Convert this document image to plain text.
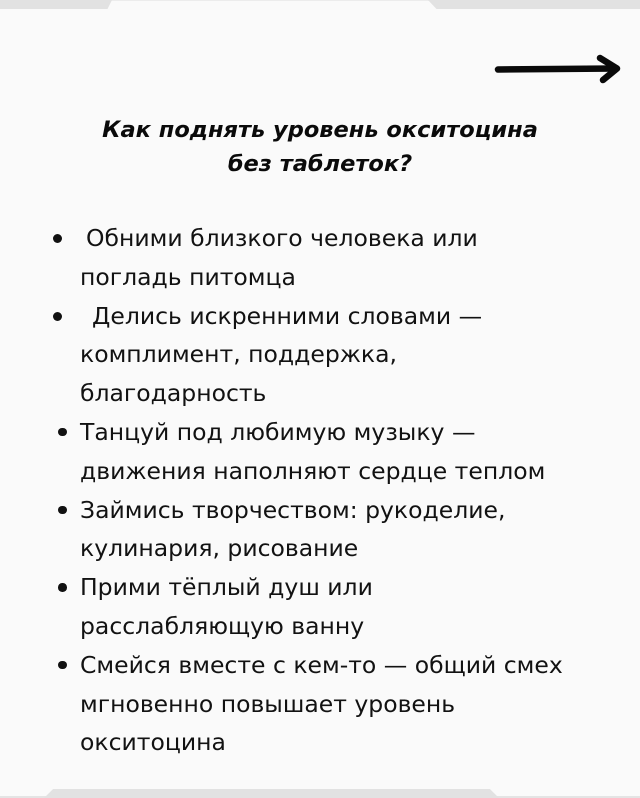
Как поднять уровень окситоцина
без таблеток?
Обними близкого человека или
погладь питомца
Делись искренними словами —
комплимент, поддержка,
благодарность
Танцуй под любимую музыку —
движения наполняют сердце теплом
Займись творчеством: рукоделие,
кулинария, рисование
Прими тёплый душ или
расслабляющую ванну
Смейся вместе с кем-то — общий смех
мгновенно повышает уровень
окситоцина
